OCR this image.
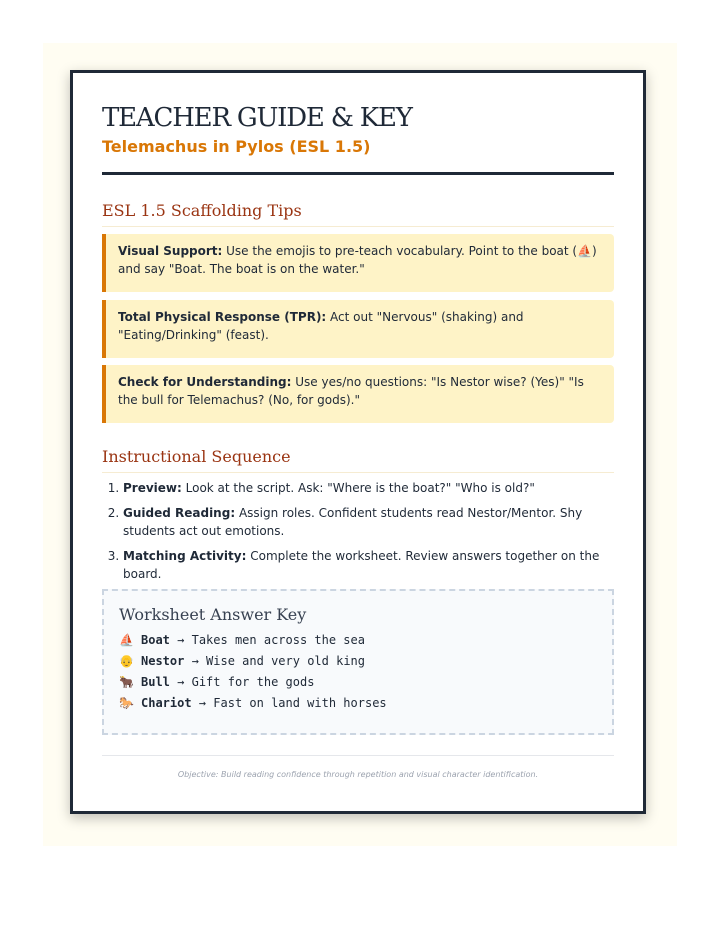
TEACHER GUIDE & KEY
Telemachus in Pylos (ESL 1.5)
ESL 1.5 Scaffolding Tips
Visual Support: Use the emojis to pre-teach vocabulary. Point to the boat (⛵) and say "Boat. The boat is on the water."
Total Physical Response (TPR): Act out "Nervous" (shaking) and "Eating/Drinking" (feast).
Check for Understanding: Use yes/no questions: "Is Nestor wise? (Yes)" "Is the bull for Telemachus? (No, for gods)."
Instructional Sequence
1. Preview: Look at the script. Ask: "Where is the boat?" "Who is old?"
2. Guided Reading: Assign roles. Confident students read Nestor/Mentor. Shy students act out emotions.
3. Matching Activity: Complete the worksheet. Review answers together on the board.
Worksheet Answer Key
⛵ Boat → Takes men across the sea
👴 Nestor → Wise and very old king
🐂 Bull → Gift for the gods
🐎 Chariot → Fast on land with horses
Objective: Build reading confidence through repetition and visual character identification.
